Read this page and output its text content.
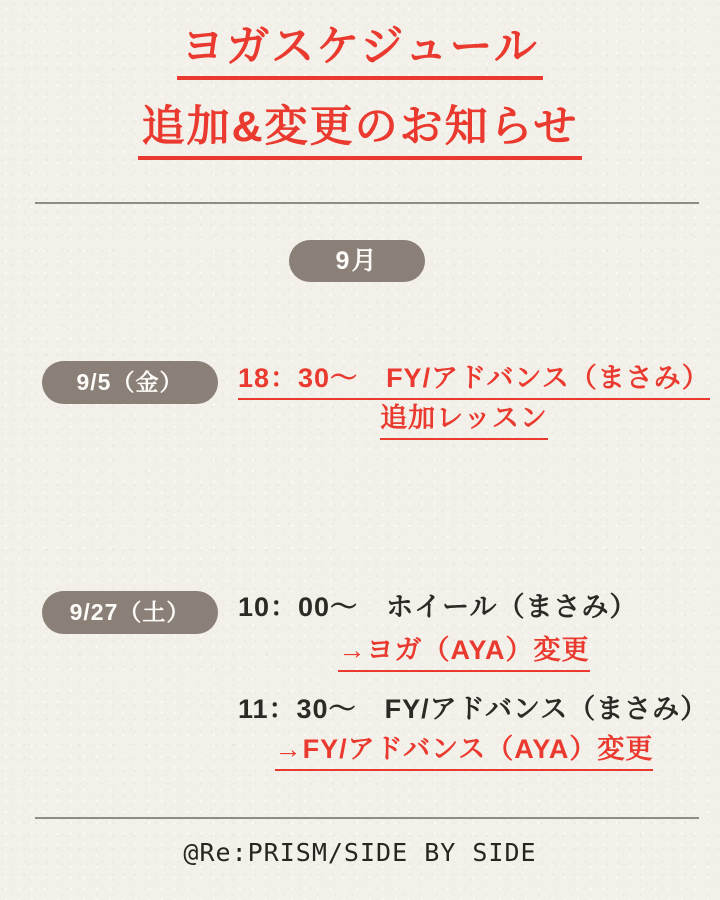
ヨガスケジュール
追加&変更のお知らせ
9月
9/5（金）	18：30～　FY/アドバンス（まさみ）
追加レッスン
9/27（土）	10：00～　ホイール（まさみ）
→ヨガ（AYA）変更
11：30～　FY/アドバンス（まさみ）
→FY/アドバンス（AYA）変更
@Re:PRISM/SIDE BY SIDE
